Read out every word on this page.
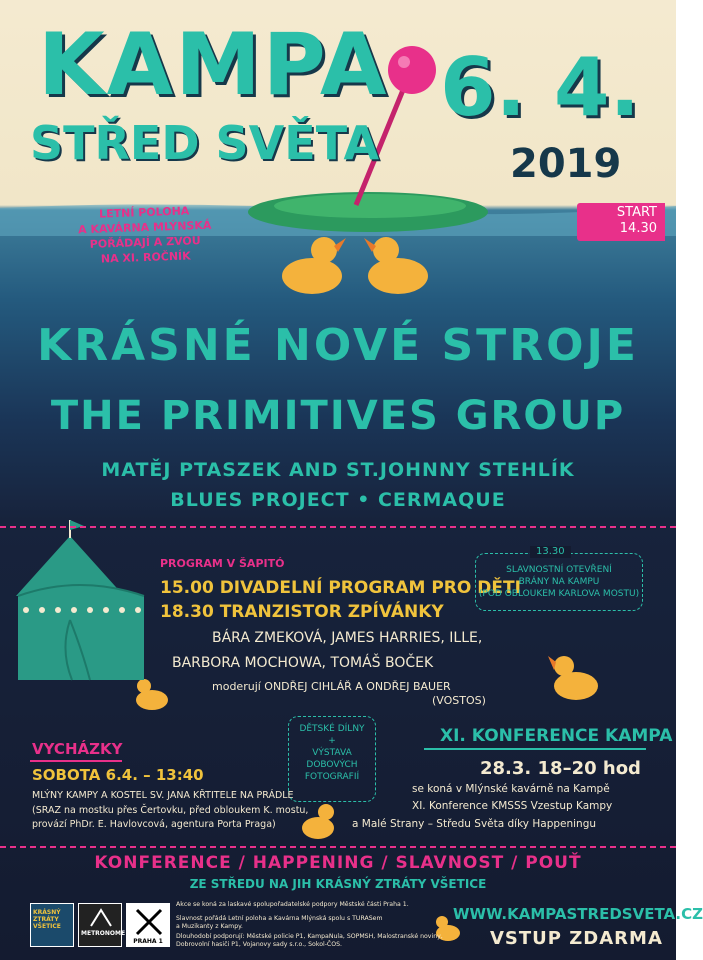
KAMPA
STŘED SVĚTA
6. 4.
2019
START
14.30
LETNÍ POLOHA
A KAVÁRNA MLÝNSKÁ
POŘÁDAJÍ A ZVOU
NA XI. ROČNÍK
KRÁSNÉ NOVÉ STROJE
THE PRIMITIVES GROUP
MATĚJ PTASZEK AND ST.JOHNNY STEHLÍK
BLUES PROJECT • CERMAQUE
PROGRAM V ŠAPITÓ
15.00 DIVADELNÍ PROGRAM PRO DĚTI
18.30 TRANZISTOR ZPÍVÁNKY
BÁRA ZMEKOVÁ, JAMES HARRIES, ILLE,
BARBORA MOCHOWA, TOMÁŠ BOČEK
moderují ONDŘEJ CIHLÁŘ A ONDŘEJ BAUER
(VOSTOS)
13.30
SLAVNOSTNÍ OTEVŘENÍ
BRÁNY NA KAMPU
(POD OBLOUKEM KARLOVA MOSTU)
DĚTSKÉ DÍLNY
+
VÝSTAVA
DOBOVÝCH
FOTOGRAFIÍ
VYCHÁZKY
SOBOTA 6.4. – 13:40
MLÝNY KAMPY A KOSTEL SV. JANA KŘTITELE NA PRÁDLE
(SRAZ na mostku přes Čertovku, před obloukem K. mostu,
provází PhDr. E. Havlovcová, agentura Porta Praga)
XI. KONFERENCE KAMPA
28.3. 18–20 hod
se koná v Mlýnské kavárně na Kampě
XI. Konference KMSSS Vzestup Kampy
a Malé Strany – Středu Světa díky Happeningu
KONFERENCE / HAPPENING / SLAVNOST / POUŤ
ZE STŘEDU NA JIH KRÁSNÝ ZTRÁTY VŠETICE
KRÁSNÝ ZTRÁTY VŠETICE
METRONOME
PRAHA 1
Akce se koná za laskavé spolupořadatelské podpory Městské části Praha 1.
Slavnost pořádá Letní poloha a Kavárna Mlýnská spolu s TURASem
a Muzikanty z Kampy.
Dlouhodobí podporují: Městské policie P1, KampaNula, SOPMSH, Malostranské noviny,
Dobrovolní hasiči P1, Vojanovy sady s.r.o., Sokol-ČOS.
WWW.KAMPASTREDSVETA.CZ
VSTUP ZDARMA
